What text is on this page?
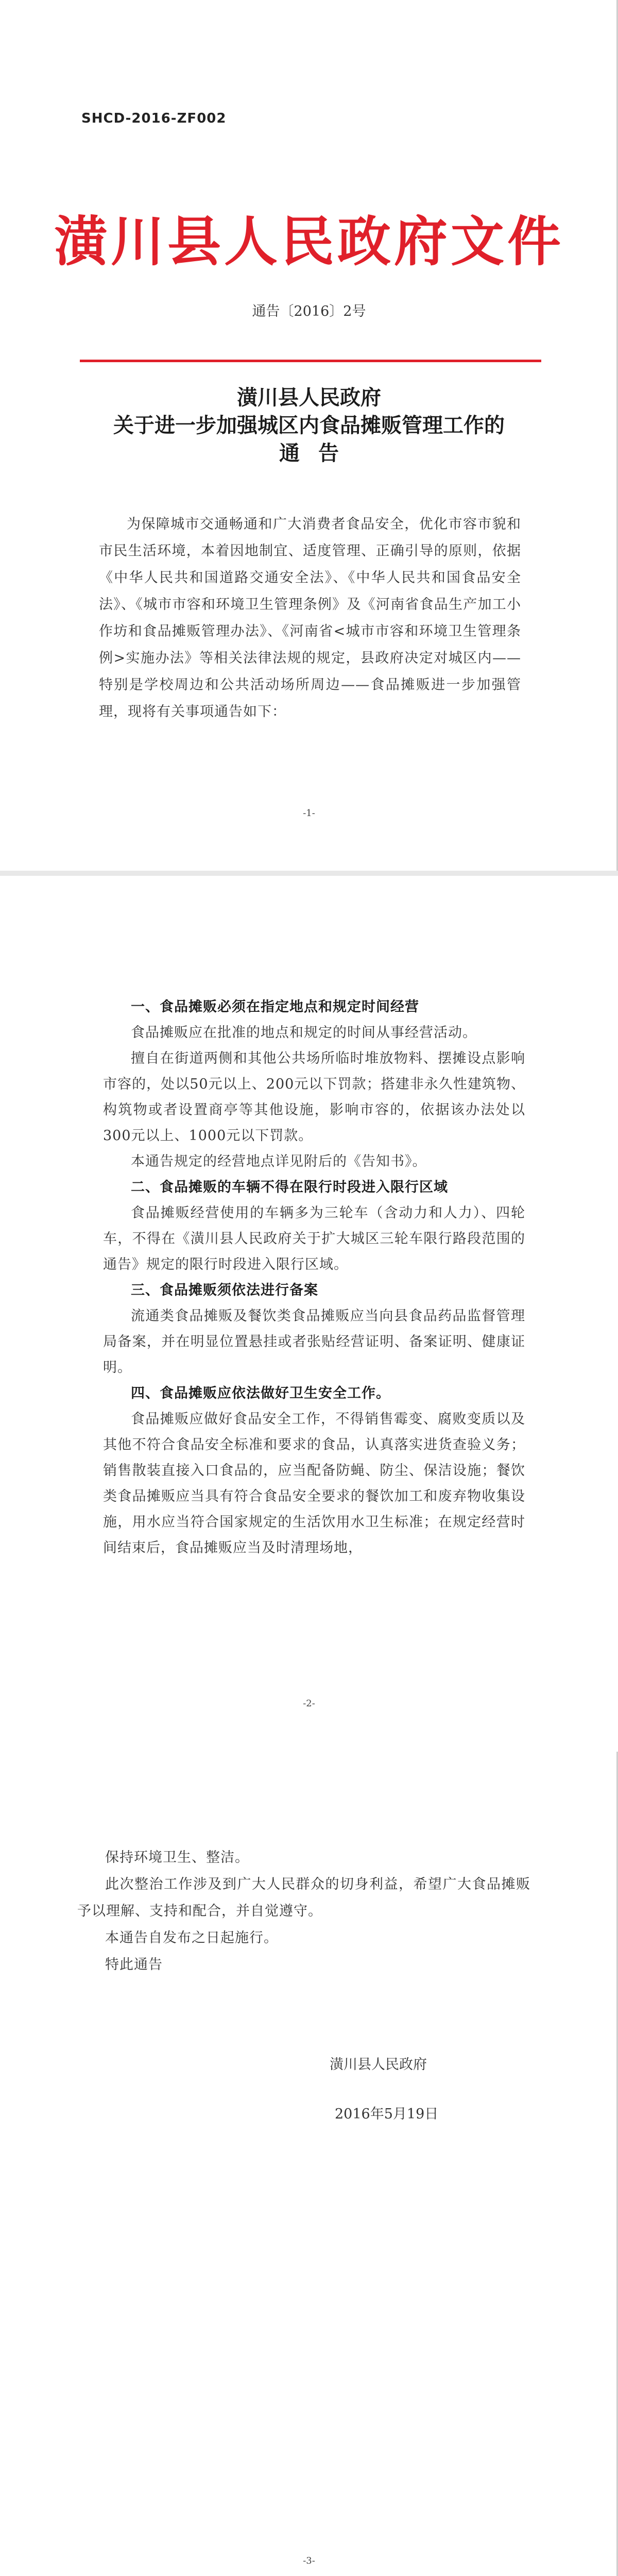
SHCD-2016-ZF002
潢川县人民政府文件
通告〔2016〕2号
潢川县人民政府
关于进一步加强城区内食品摊贩管理工作的
通告

为保障城市交通畅通和广大消费者食品安全，优化市容市貌和市民生活环境，本着因地制宜、适度管理、正确引导的原则，依据《中华人民共和国道路交通安全法》、《中华人民共和国食品安全法》、《城市市容和环境卫生管理条例》及《河南省食品生产加工小作坊和食品摊贩管理办法》、《河南省<城市市容和环境卫生管理条例>实施办法》等相关法律法规的规定，县政府决定对城区内——特别是学校周边和公共活动场所周边——食品摊贩进一步加强管理，现将有关事项通告如下：

-1-

一、食品摊贩必须在指定地点和规定时间经营

食品摊贩应在批准的地点和规定的时间从事经营活动。

擅自在街道两侧和其他公共场所临时堆放物料、摆摊设点影响市容的，处以50元以上、200元以下罚款；搭建非永久性建筑物、构筑物或者设置商亭等其他设施，影响市容的，依据该办法处以300元以上、1000元以下罚款。

本通告规定的经营地点详见附后的《告知书》。

二、食品摊贩的车辆不得在限行时段进入限行区域

食品摊贩经营使用的车辆多为三轮车（含动力和人力）、四轮车，不得在《潢川县人民政府关于扩大城区三轮车限行路段范围的通告》规定的限行时段进入限行区域。

三、食品摊贩须依法进行备案

流通类食品摊贩及餐饮类食品摊贩应当向县食品药品监督管理局备案，并在明显位置悬挂或者张贴经营证明、备案证明、健康证明。

四、食品摊贩应依法做好卫生安全工作。

食品摊贩应做好食品安全工作，不得销售霉变、腐败变质以及其他不符合食品安全标准和要求的食品，认真落实进货查验义务；销售散装直接入口食品的，应当配备防蝇、防尘、保洁设施；餐饮类食品摊贩应当具有符合食品安全要求的餐饮加工和废弃物收集设施，用水应当符合国家规定的生活饮用水卫生标准；在规定经营时间结束后，食品摊贩应当及时清理场地，

-2-

保持环境卫生、整洁。

此次整治工作涉及到广大人民群众的切身利益，希望广大食品摊贩予以理解、支持和配合，并自觉遵守。

本通告自发布之日起施行。

特此通告

潢川县人民政府
2016年5月19日
-3-
